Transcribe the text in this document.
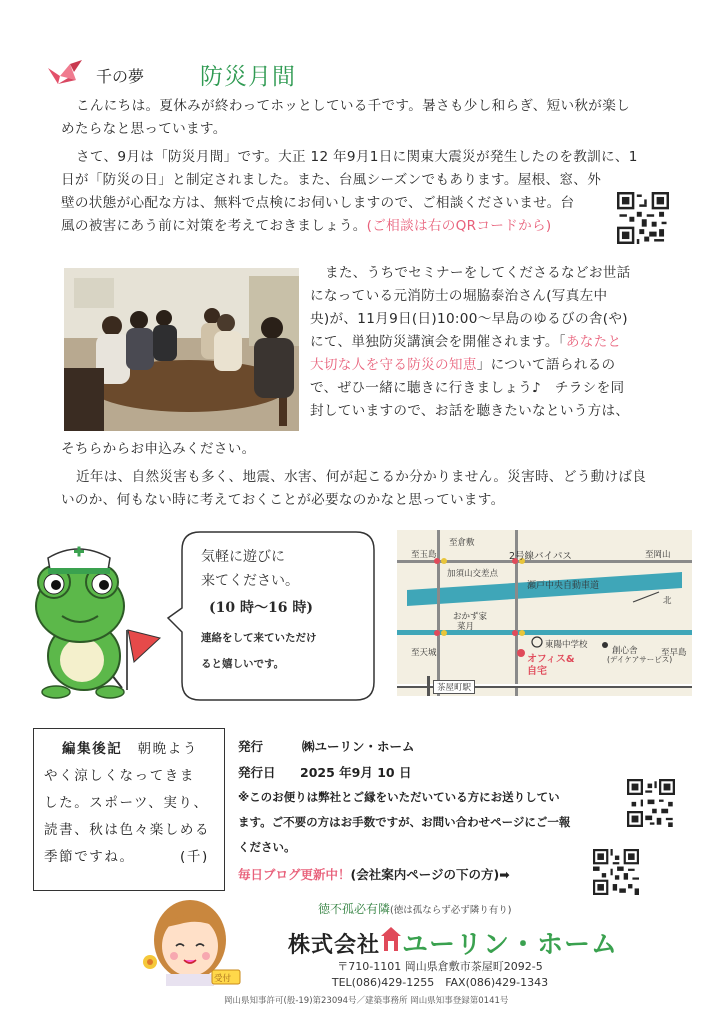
千の夢 防災月間
こんにちは。夏休みが終わってホッとしている千です。暑さも少し和らぎ、短い秋が楽し
めたらなと思っています。
さて、9月は「防災月間」です。大正 12 年9月1日に関東大震災が発生したのを教訓に、1
日が「防災の日」と制定されました。また、台風シーズンでもあります。屋根、窓、外
壁の状態が心配な方は、無料で点検にお伺いしますので、ご相談くださいませ。台
風の被害にあう前に対策を考えておきましょう。(ご相談は右のQRコードから)
また、うちでセミナーをしてくださるなどお世話
になっている元消防士の堀脇泰治さん(写真左中
央)が、11月9日(日)10:00～早島のゆるびの舎(や)
にて、単独防災講演会を開催されます。「あなたと
大切な人を守る防災の知恵」について語られるの
で、ぜひ一緒に聴きに行きましょう♪　チラシを同
封していますので、お話を聴きたいなという方は、
そちらからお申込みください。
近年は、自然災害も多く、地震、水害、何が起こるか分かりません。災害時、どう動けば良
いのか、何もない時に考えておくことが必要なのかなと思っています。
気軽に遊びに
来てください。
(10 時～16 時)
連絡をして来ていただけ
ると嬉しいです。
至玉島
至倉敷
2号線バイパス	至岡山
加須山交差点
瀬戸中央自動車道
北
おかず家
菜月
東陽中学校
至天城	創心舎
(デイケアサービス)
至早島
オフィス&
自宅
茶屋町駅
編集後記　 朝晩よう
やく涼しくなってきま
した。スポーツ、実り、
読書、秋は色々楽しめる
季節ですね。	(千)
発行	㈱ユーリン・ホーム
発行日 2025 年9月 10 日
※このお便りは弊社とご縁をいただいている方にお送りしてい
ます。ご不要の方はお手数ですが、お問い合わせページにご一報
ください。
毎日ブログ更新中！(会社案内ページの下の方)➡
徳不孤必有隣(徳は孤ならず必ず隣り有り)
受付
株式会社 ユーリン・ホーム
〒710-1101 岡山県倉敷市茶屋町2092-5
TEL(086)429-1255　FAX(086)429-1343
岡山県知事許可(般-19)第23094号／建築事務所 岡山県知事登録第0141号
